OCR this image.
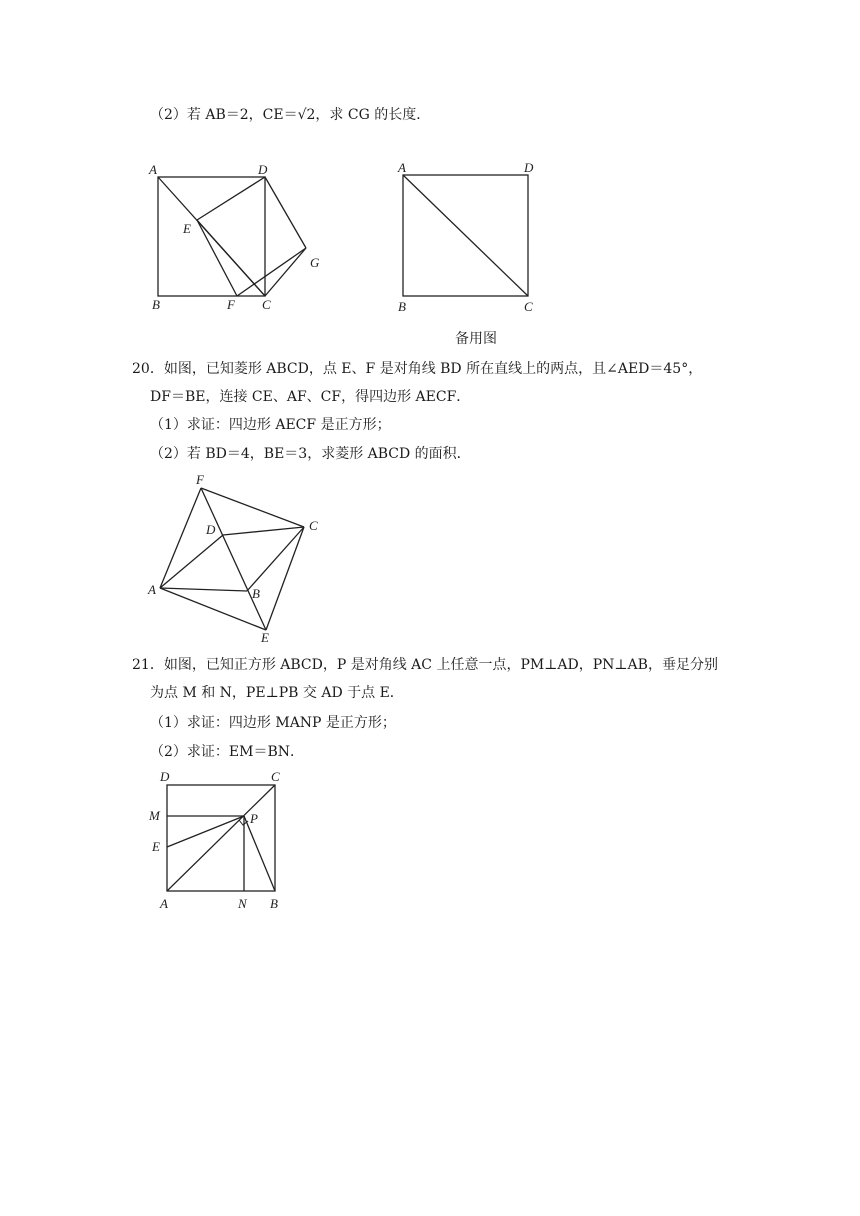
（2）若 AB＝2，CE＝√2，求 CG 的长度．
A	D
E
G
B	F C
A	D
B	C
备用图
20．如图，已知菱形 ABCD，点 E、F 是对角线 BD 所在直线上的两点，且∠AED＝45°，
DF＝BE，连接 CE、AF、CF，得四边形 AECF．
（1）求证：四边形 AECF 是正方形；
（2）若 BD＝4，BE＝3，求菱形 ABCD 的面积．
F
D	C
A	B
E
21．如图，已知正方形 ABCD，P 是对角线 AC 上任意一点，PM⊥AD，PN⊥AB，垂足分别
为点 M 和 N，PE⊥PB 交 AD 于点 E．
（1）求证：四边形 MANP 是正方形；
（2）求证：EM＝BN．
D	C
M	P
E
A	N B
